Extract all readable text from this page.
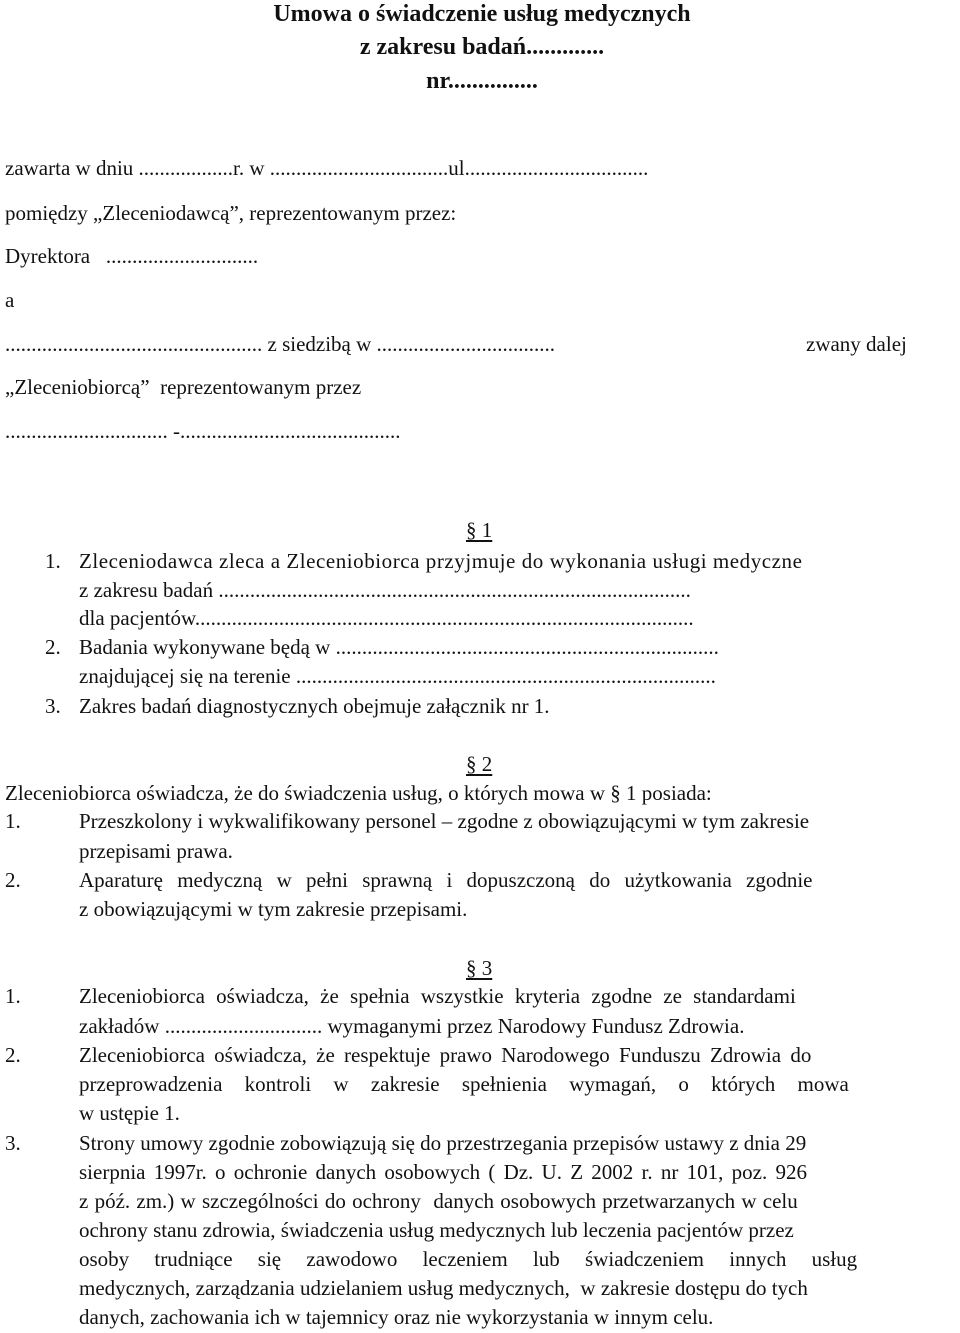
Umowa o świadczenie usług medycznych
z zakresu badań.............
nr...............
zawarta w dniu ..................r. w ..................................ul...................................
pomiędzy „Zleceniodawcą”, reprezentowanym przez:
Dyrektora   .............................
a
................................................. z siedzibą w ..................................	zwany dalej
„Zleceniobiorcą”  reprezentowanym przez
............................... -..........................................
§ 1
1. Zleceniodawca zleca a Zleceniobiorca przyjmuje do wykonania usługi medyczne
z zakresu badań ..........................................................................................
dla pacjentów...............................................................................................
2. Badania wykonywane będą w .........................................................................
znajdującej się na terenie ................................................................................
3. Zakres badań diagnostycznych obejmuje załącznik nr 1.
§ 2
Zleceniobiorca oświadcza, że do świadczenia usług, o których mowa w § 1 posiada:
1.	Przeszkolony i wykwalifikowany personel – zgodne z obowiązującymi w tym zakresie
przepisami prawa.
2.	Aparaturę medyczną w pełni sprawną i dopuszczoną do użytkowania zgodnie
z obowiązującymi w tym zakresie przepisami.
§ 3
1.	Zleceniobiorca oświadcza, że spełnia wszystkie kryteria zgodne ze standardami
zakładów .............................. wymaganymi przez Narodowy Fundusz Zdrowia.
2.	Zleceniobiorca oświadcza, że respektuje prawo Narodowego Funduszu Zdrowia do
przeprowadzenia kontroli w zakresie spełnienia wymagań, o których mowa
w ustępie 1.
3.	Strony umowy zgodnie zobowiązują się do przestrzegania przepisów ustawy z dnia 29
sierpnia 1997r. o ochronie danych osobowych ( Dz. U. Z 2002 r. nr 101, poz. 926
z póź. zm.) w szczególności do ochrony  danych osobowych przetwarzanych w celu
ochrony stanu zdrowia, świadczenia usług medycznych lub leczenia pacjentów przez
osoby trudniące się zawodowo leczeniem lub świadczeniem innych usług
medycznych, zarządzania udzielaniem usług medycznych,  w zakresie dostępu do tych
danych, zachowania ich w tajemnicy oraz nie wykorzystania w innym celu.
